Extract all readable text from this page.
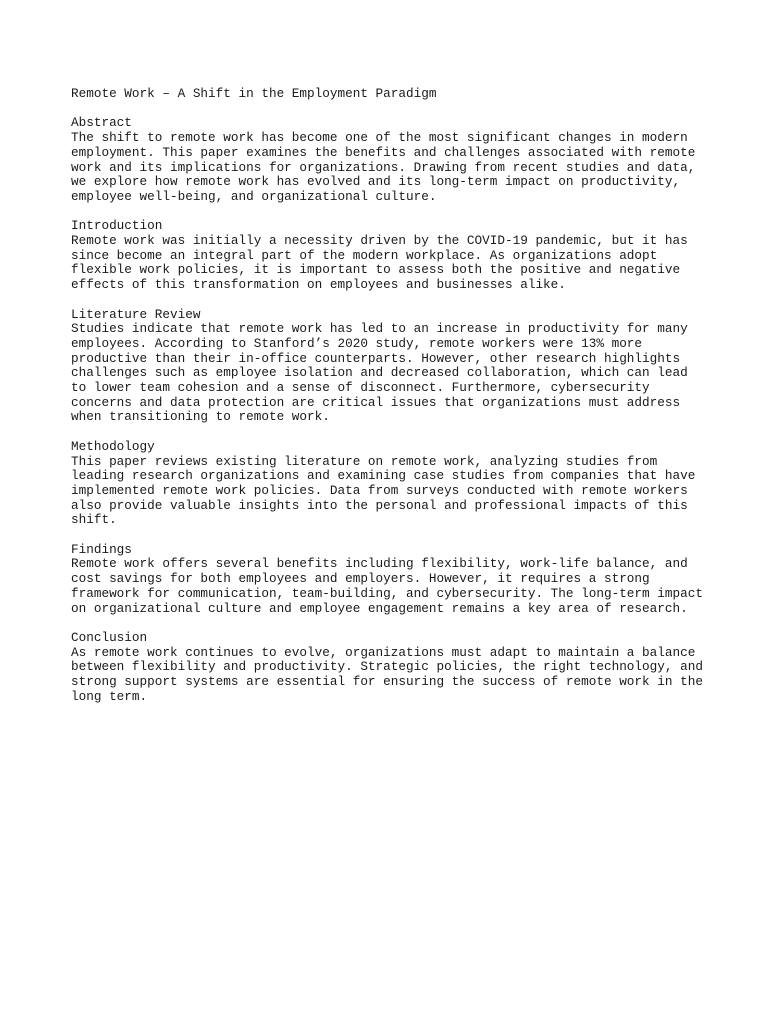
Remote Work – A Shift in the Employment Paradigm
Abstract

The shift to remote work has become one of the most significant changes in modern
employment. This paper examines the benefits and challenges associated with remote
work and its implications for organizations. Drawing from recent studies and data,
we explore how remote work has evolved and its long-term impact on productivity,
employee well-being, and organizational culture.

Introduction

Remote work was initially a necessity driven by the COVID-19 pandemic, but it has
since become an integral part of the modern workplace. As organizations adopt
flexible work policies, it is important to assess both the positive and negative
effects of this transformation on employees and businesses alike.

Literature Review

Studies indicate that remote work has led to an increase in productivity for many
employees. According to Stanford’s 2020 study, remote workers were 13% more
productive than their in-office counterparts. However, other research highlights
challenges such as employee isolation and decreased collaboration, which can lead
to lower team cohesion and a sense of disconnect. Furthermore, cybersecurity
concerns and data protection are critical issues that organizations must address
when transitioning to remote work.

Methodology

This paper reviews existing literature on remote work, analyzing studies from
leading research organizations and examining case studies from companies that have
implemented remote work policies. Data from surveys conducted with remote workers
also provide valuable insights into the personal and professional impacts of this
shift.

Findings

Remote work offers several benefits including flexibility, work-life balance, and
cost savings for both employees and employers. However, it requires a strong
framework for communication, team-building, and cybersecurity. The long-term impact
on organizational culture and employee engagement remains a key area of research.

Conclusion

As remote work continues to evolve, organizations must adapt to maintain a balance
between flexibility and productivity. Strategic policies, the right technology, and
strong support systems are essential for ensuring the success of remote work in the
long term.
